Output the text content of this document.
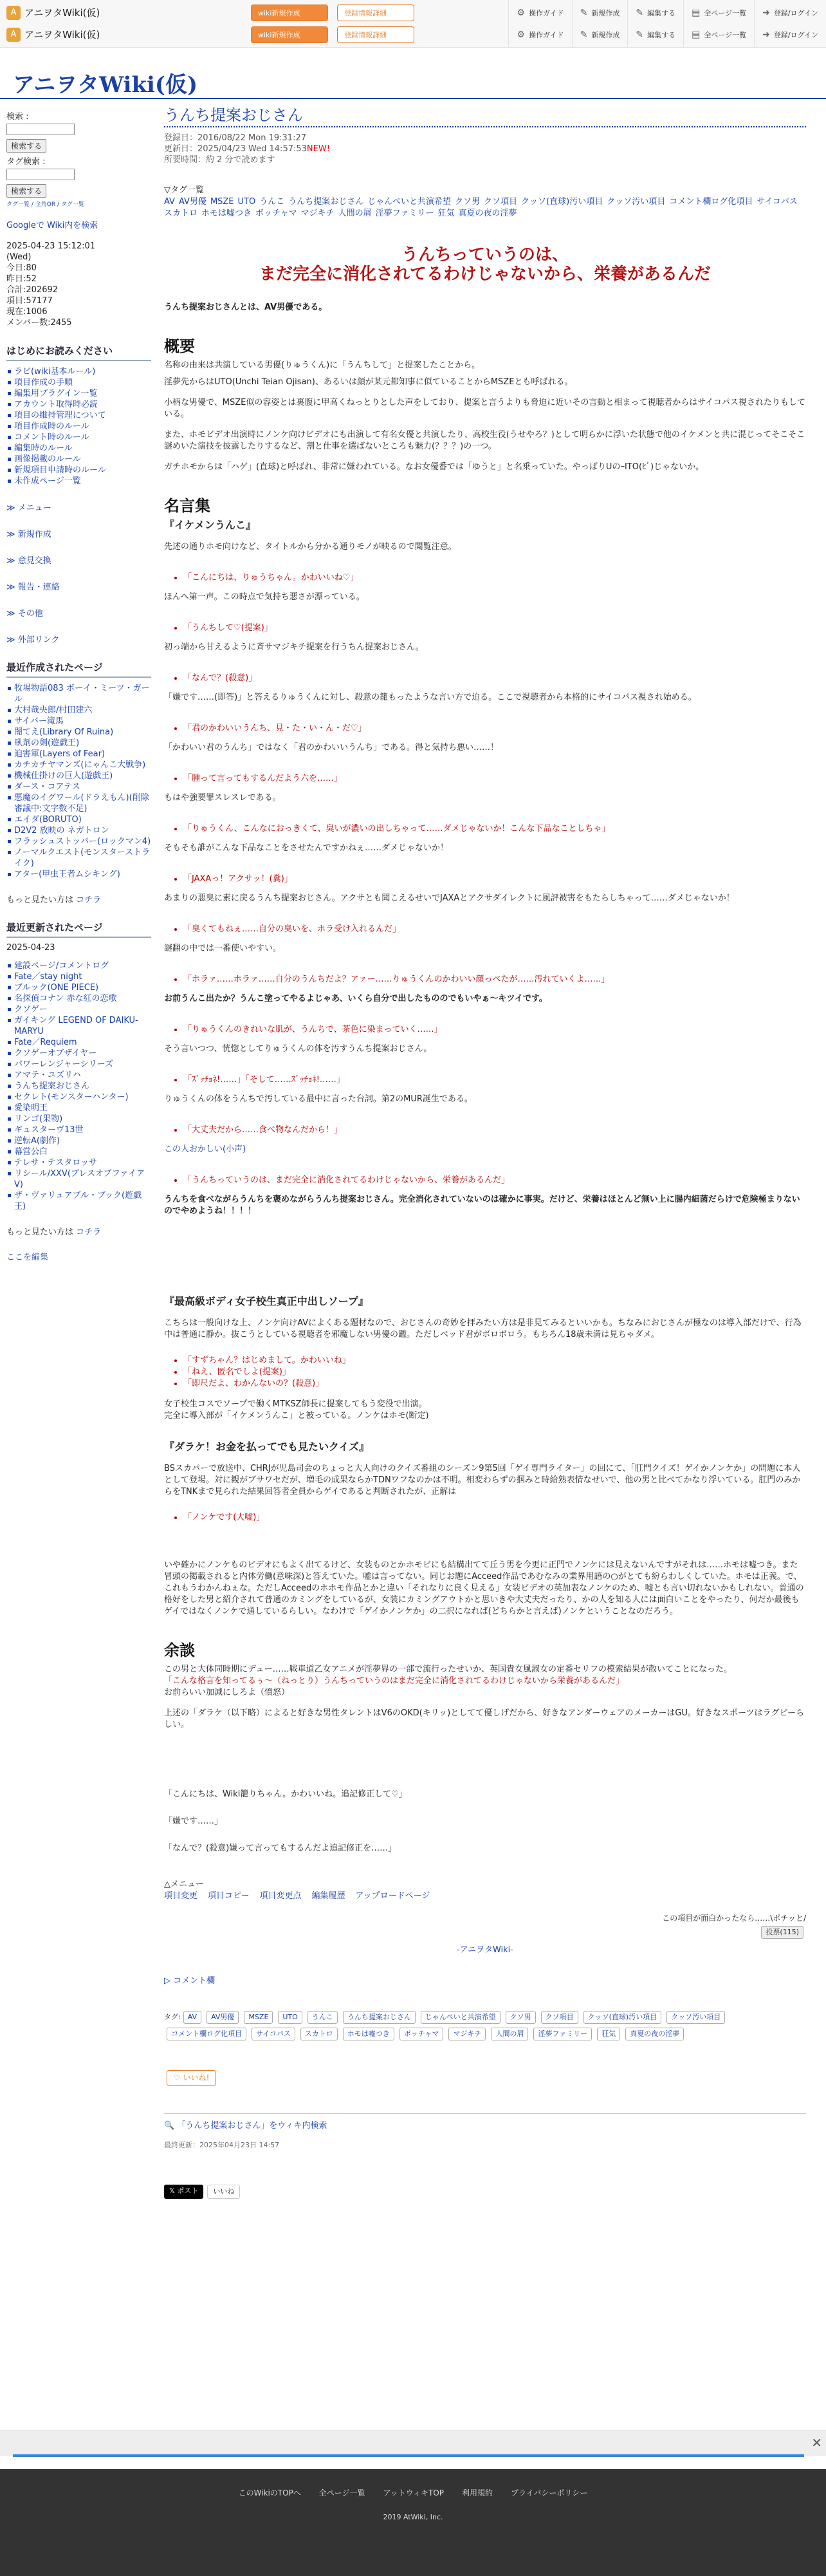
A アニヲタWiki(仮)	wiki新規作成	登録情報詳細	⚙ 操作ガイド ✎ 新規作成 ✎ 編集する ▤ 全ページ一覧 ➜ 登録/ログイン
A アニヲタWiki(仮)	wiki新規作成	登録情報詳細	⚙ 操作ガイド ✎ 新規作成 ✎ 編集する ▤ 全ページ一覧 ➜ 登録/ログイン
アニヲタWiki(仮)
検索 :
検索する
タグ検索 :
検索する
タグ一覧 / 全角OR / タグ一覧
Googleで Wiki内を検索
2025-04-23 15:12:01
(Wed)
今日:80
昨日:52
合計:202692
項目:57177
現在:1006
メンバー数:2455
はじめにお読みください
ラビ(wiki基本ルール)
項目作成の手順
編集用プラグイン一覧
アカウント取得時必読
項目の維持管理について
項目作成時のルール
コメント時のルール
編集時のルール
画像掲載のルール
新規項目申請時のルール
未作成ページ一覧
≫ メニュー
≫ 新規作成
≫ 意見交換
≫ 報告・連絡
≫ その他
≫ 外部リンク
最近作成されたページ
牧場物語083 ボーイ・ミーツ・ガール
大村哉央郎/村田建六
サイバー滝馬
闇てえ(Library Of Ruina)
臥剤の剣(遊戯王)
迫害軍(Layers of Fear)
カチカチヤマンズ(にゃんこ大戦争)
機械仕掛けの巨人(遊戯王)
ダース・コアテス
悪魔のイグワール(ドラえもん)(削除審議中:文字数不足)
エイダ(BORUTO)
D2V2 放映の ネガトロン
フラッシュストッパー(ロックマン4)
ノーマルクエスト(モンスターストライク)
アター(甲虫王者ムシキング)
もっと見たい方は コチラ
最近更新されたページ
2025-04-23
建設ページ/コメントログ
Fate／stay night
ブルック(ONE PIECE)
名探偵コナン 赤な紅の恋歌
クソゲー
ガイキング LEGEND OF DAIKU-MARYU
Fate／Requiem
クソゲーオブザイヤー
パワーレンジャーシリーズ
アマテ・ユズリハ
うんち提案おじさん
セクレト(モンスターハンター)
愛染明王
リンゴ(果物)
ギュスターヴ13世
逆転A(劇作)
幕営公白
テレサ・テスタロッサ
リシール/XXV(ブレスオブファイアV)
ザ・ヴァリュアブル・ブック(遊戯王)
もっと見たい方は コチラ
ここを編集
うんち提案おじさん
登録日：2016/08/22 Mon 19:31:27
更新日：2025/04/23 Wed 14:57:53NEW!
所要時間：約 2 分で読めます
▽タグ一覧
AV AV男優 MSZE UTO うんこ うんち提案おじさん じゃんぺいと共演希望 クソ男 クソ項目 クッソ(直球)汚い項目 クッソ汚い項目 コメント欄ログ化項目 サイコパススカトロ ホモは嘘つき ボッチャマ マジキチ 人間の屑 淫夢ファミリー 狂気 真夏の夜の淫夢
うんちっていうのは、
まだ完全に消化されてるわけじゃないから、栄養があるんだ
うんち提案おじさんとは、AV男優である。
概要
名称の由来は共演している男優(りゅうくん)に「うんちして」と提案したことから。
淫夢先からはUTO(Unchi Teian Ojisan)、あるいは顔が某元都知事に似ていることからMSZEとも呼ばれる。
小柄な男優で、MSZE似の容姿とは裏腹に甲高くねっとりとした声をしており、提案と言うよりも脅迫に近いその言動と相まって視聴者からはサイコパス視されたりもしている。
また、ホモビデオ出演時にノンケ向けビデオにも出演して有名女優と共演したり、高校生役(うせやろ？)として明らかに浮いた状態で他のイケメンと共に混じってそこそこ謎めいた演技を披露したりするなど、割と仕事を選ばないところも魅力(？？？)の一つ。
ガチホモからは「ハゲ」(直球)と呼ばれ、非常に嫌われている。なお女優番では「ゆうと」と名乗っていた。やっぱりUのｰITO(ﾋﾞ)じゃないか。
名言集
『イケメンうんこ』
先述の通りホモ向けなど、タイトルから分かる通りモノが映るので閲覧注意。
「こんにちは、りゅうちゃん。かわいいね♡」
ほんへ第一声。この時点で気持ち悪さが漂っている。
「うんちして♡(提案)」
初っ端から甘えるように斉サマジキチ提案を行うちん提案おじさん。
「なんで？(殺意)」
「嫌です……(即答)」と答えるりゅうくんに対し、殺意の籠もったような言い方で迫る。ここで視聴者から本格的にサイコパス視され始める。
「君のかわいいうんち、見・た・い・ん・だ♡」
「かわいい君のうんち」ではなく「君のかわいいうんち」である。得と気持ち悪い……！
「腫って言ってもするんだよう六を……」
もはや強要罪スレスレである。
「りゅうくん、こんなにおっきくて、臭いが濃いの出しちゃって……ダメじゃないか！こんな下品なことしちゃ」
そもそも誰がこんな下品なことをさせたんですかねぇ……ダメじゃないか！
「JAXAっ！アクサッ！(糞)」
あまりの悪臭に素に戻るうんち提案おじさん。アクサとも聞こえるせいでJAXAとアクサダイレクトに風評被害をもたらしちゃって……ダメじゃないか！
「臭くてもねぇ……自分の臭いを、ホラ受け入れるんだ」
謎翻の中では一番使いやすい。
「ホラァ……ホラァ……自分のうんちだよ？アァー……りゅうくんのかわいい顔っぺたが……汚れていくよ……」
お前うんこ出たか？うんこ塗ってやるよじゃあ、いくら自分で出したもののでもいやぁ〜キツイです。
「りゅうくんのきれいな肌が、うんちで、茶色に染まっていく……」
そう言いつつ、恍惚としてりゅうくんの体を汚すうんち提案おじさん。
「ｽﾞｯﾁｮﾈ!……」「そして……ｽﾞｯﾁｮﾈ!……」
りゅうくんの体をうんちで汚している最中に言った台詞。第2のMUR誕生である。
「大丈夫だから……食べ物なんだから！」
この人おかしい(小声)
「うんちっていうのは、まだ完全に消化されてるわけじゃないから、栄養があるんだ」
うんちを食べながらうんちを褒めながらうんち提案おじさん。完全消化されていないのは確かに事実。だけど、栄養はほとんど無い上に腸内細菌だらけで危険極まりないのでやめようね！！！！
『最高級ボディ女子校生真正中出しソープ』
こちらは一般向けな上、ノンケ向けAVによくある題材なので、おじさんの奇妙を拝みたい方は是非見てみるといいかも。ちなみにおじさんが極なのは導入部だけで、行為中は普通に静か。抜こうとしている視聴者を邪魔しない男優の鑑。ただしベッド君がボロボロう。もちろん18歳未満は見ちゃダメ。
• 「すずちゃん？はじめまして。かわいいね」
• 「ねえ、匿名でしよ(提案)」
• 「即尺だよ、わかんないの？(殺意)」
女子校生コスでソープで働くMTKSZ師長に提案してもう変役で出演。
完全に導入部が「イケメンうんこ」と被っている。ノンケはホモ(断定)
『ダラケ！お金を払ってでも見たいクイズ』
BSスカパーで放送中、CHRJが児島司会のちょっと大人向けのクイズ番組のシーズン9第5回「ゲイ専門ライター」の回にて、「肛門クイズ！ゲイかノンケか」の問題に本人として登場。対に観がブサワセだが、増毛の成果ならかTDNワフなのかは不明。相変わらずの掴みと時給熟表情なせいで、他の男と比べてかなり浮いている。肛門のみからをTNKまで見られた結果回答者全員からゲイであると判断されたが、正解は
• 「ノンケです(大嘘)」
いや確かにノンケものビデオにもよく出てるけど、女装ものとかホモビにも結構出てて丘う男を今更に正門でノンケには見えないんですがそれは……ホモは嘘つき。また冒頭の掲載されると内体労働(意味深)と答えていた。嘘は言ってない。同じお題にAcceed作品であむなみの業界用語の○がとても紛らわしくしていた。ホモは正義。で、これもうわかんねぇな。ただしAcceedのホホモ作品とかと違い「それなりに良く見える」女装ビデオの英加表なノンケのため、嘘とも言い切れないかもしれない。普通の格好をした男と紹介されて普通のカミングをしているが、女装にカミングアウトかと思いきや大丈夫だったり、かの人を知る人には面白いことをやったり、何だか最後もゲイではなくノンケで通しているらしい。なわけで「ゲイかノンケか」の二択になれば(どちらかと言えば)ノンケということなのだろう。
余談
この男と大体同時期にデュー……戦車道乙女アニメが淫夢界の一部で流行ったせいか、英国貴女風淑女の定番セリフの模索結果が散いてことになった。
「こんな格言を知ってるぅ〜（ねっとり）うんちっていうのはまだ完全に消化されてるわけじゃないから栄養があるんだ」
お前らいい加減にしろよ（憤怒）
上述の「ダラケ（以下略）によると好きな男性タレントはV6のOKD(キリッ)としてて優しげだから、好きなアンダーウェアのメーカーはGU。好きなスポーツはラグビーらしい。
「こんにちは、Wiki籠りちゃん。かわいいね。追記修正して♡」
「嫌です……」
「なんで？(殺意)嫌って言ってもするんだよ追記修正を……」
△メニュー
項目変更 項目コピー 項目変更点 編集履歴 アップロードページ
この項目が面白かったなら……\ポチッと/
投票(115)
-アニヲタWiki-
▷ コメント欄
タグ: AV AV男優 MSZE UTO うんこ うんち提案おじさん じゃんぺいと共演希望 クソ男 クソ項目 クッソ(直球)汚い項目 クッソ汚い項目コメント欄ログ化項目 サイコパス スカトロ ホモは嘘つき ボッチャマ マジキチ 人間の屑 淫夢ファミリー 狂気 真夏の夜の淫夢
♡ いいね!
🔍 「うんち提案おじさん」をウィキ内検索
最終更新：2025年04月23日 14:57
𝕏 ポスト	いいね
✕
このWikiのTOPへ 全ページ一覧 アットウィキTOP 利用規約 プライバシーポリシー
2019 AtWiki, Inc.
